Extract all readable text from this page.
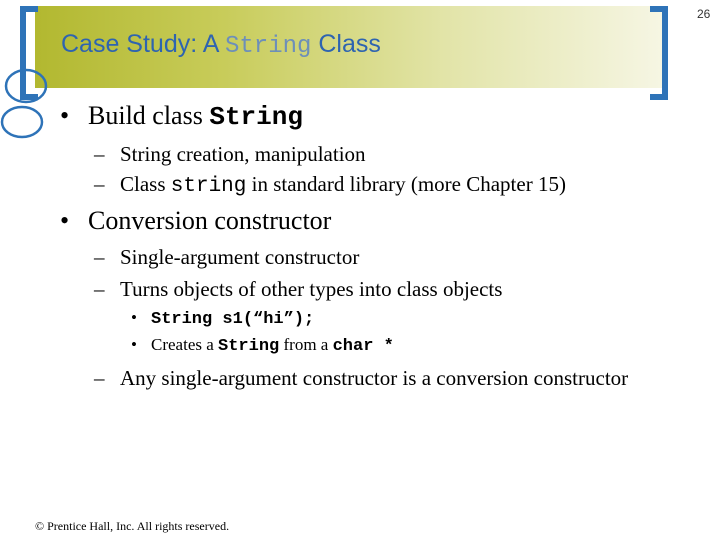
26
Case Study: A String Class
• Build class String
– String creation, manipulation
– Class string in standard library (more Chapter 15)
• Conversion constructor
– Single-argument constructor
– Turns objects of other types into class objects
• String s1(“hi”);
• Creates a String from a char *
– Any single-argument constructor is a conversion constructor
© Prentice Hall, Inc. All rights reserved.
